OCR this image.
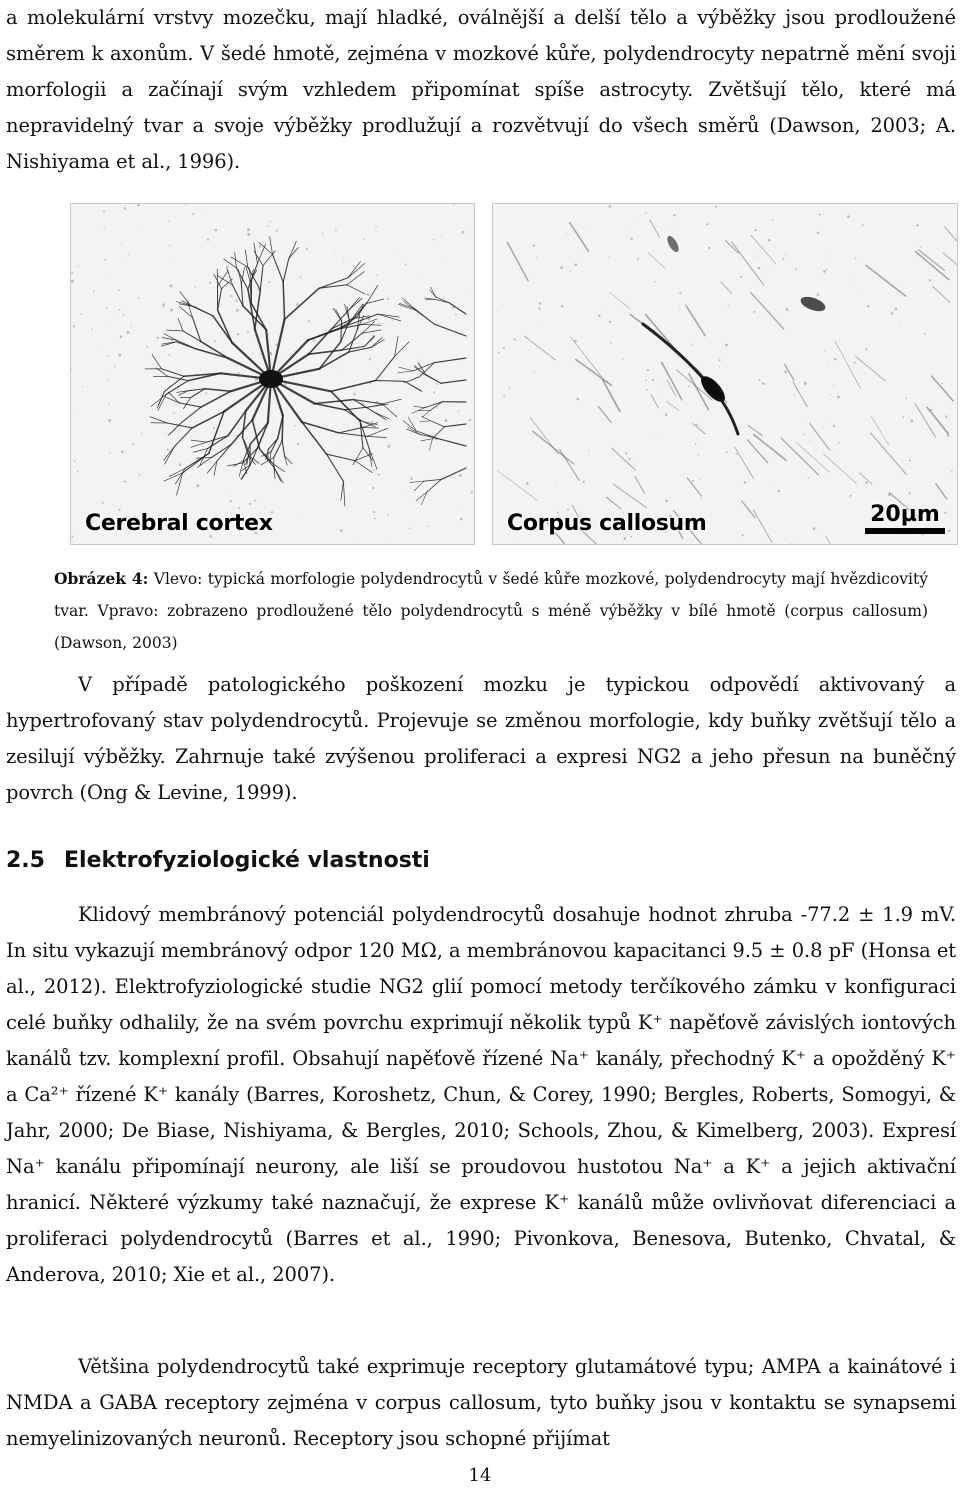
a molekulární vrstvy mozečku, mají hladké, oválnější a delší tělo a výběžky jsou prodloužené směrem k axonům. V šedé hmotě, zejména v mozkové kůře, polydendrocyty nepatrně mění svoji morfologii a začínají svým vzhledem připomínat spíše astrocyty. Zvětšují tělo, které má nepravidelný tvar a svoje výběžky prodlužují a rozvětvují do všech směrů (Dawson, 2003; A. Nishiyama et al., 1996).

Cerebral cortex	Corpus callosum	20µm

Obrázek 4: Vlevo: typická morfologie polydendrocytů v šedé kůře mozkové, polydendrocyty mají hvězdicovitý tvar. Vpravo: zobrazeno prodloužené tělo polydendrocytů s méně výběžky v bílé hmotě (corpus callosum) (Dawson, 2003)

V případě patologického poškození mozku je typickou odpovědí aktivovaný a hypertrofovaný stav polydendrocytů. Projevuje se změnou morfologie, kdy buňky zvětšují tělo a zesilují výběžky. Zahrnuje také zvýšenou proliferaci a expresi NG2 a jeho přesun na buněčný povrch (Ong & Levine, 1999).

2.5 Elektrofyziologické vlastnosti

Klidový membránový potenciál polydendrocytů dosahuje hodnot zhruba -77.2 ± 1.9 mV. In situ vykazují membránový odpor 120 MΩ, a membránovou kapacitanci 9.5 ± 0.8 pF (Honsa et al., 2012). Elektrofyziologické studie NG2 glií pomocí metody terčíkového zámku v konfiguraci celé buňky odhalily, že na svém povrchu exprimují několik typů K⁺ napěťově závislých iontových kanálů tzv. komplexní profil. Obsahují napěťově řízené Na⁺ kanály, přechodný K⁺ a opožděný K⁺ a Ca²⁺ řízené K⁺ kanály (Barres, Koroshetz, Chun, & Corey, 1990; Bergles, Roberts, Somogyi, & Jahr, 2000; De Biase, Nishiyama, & Bergles, 2010; Schools, Zhou, & Kimelberg, 2003). Expresí Na⁺ kanálu připomínají neurony, ale liší se proudovou hustotou Na⁺ a K⁺ a jejich aktivační hranicí. Některé výzkumy také naznačují, že exprese K⁺ kanálů může ovlivňovat diferenciaci a proliferaci polydendrocytů (Barres et al., 1990; Pivonkova, Benesova, Butenko, Chvatal, & Anderova, 2010; Xie et al., 2007).

Většina polydendrocytů také exprimuje receptory glutamátové typu; AMPA a kainátové i NMDA a GABA receptory zejména v corpus callosum, tyto buňky jsou v kontaktu se synapsemi nemyelinizovaných neuronů. Receptory jsou schopné přijímat

14
